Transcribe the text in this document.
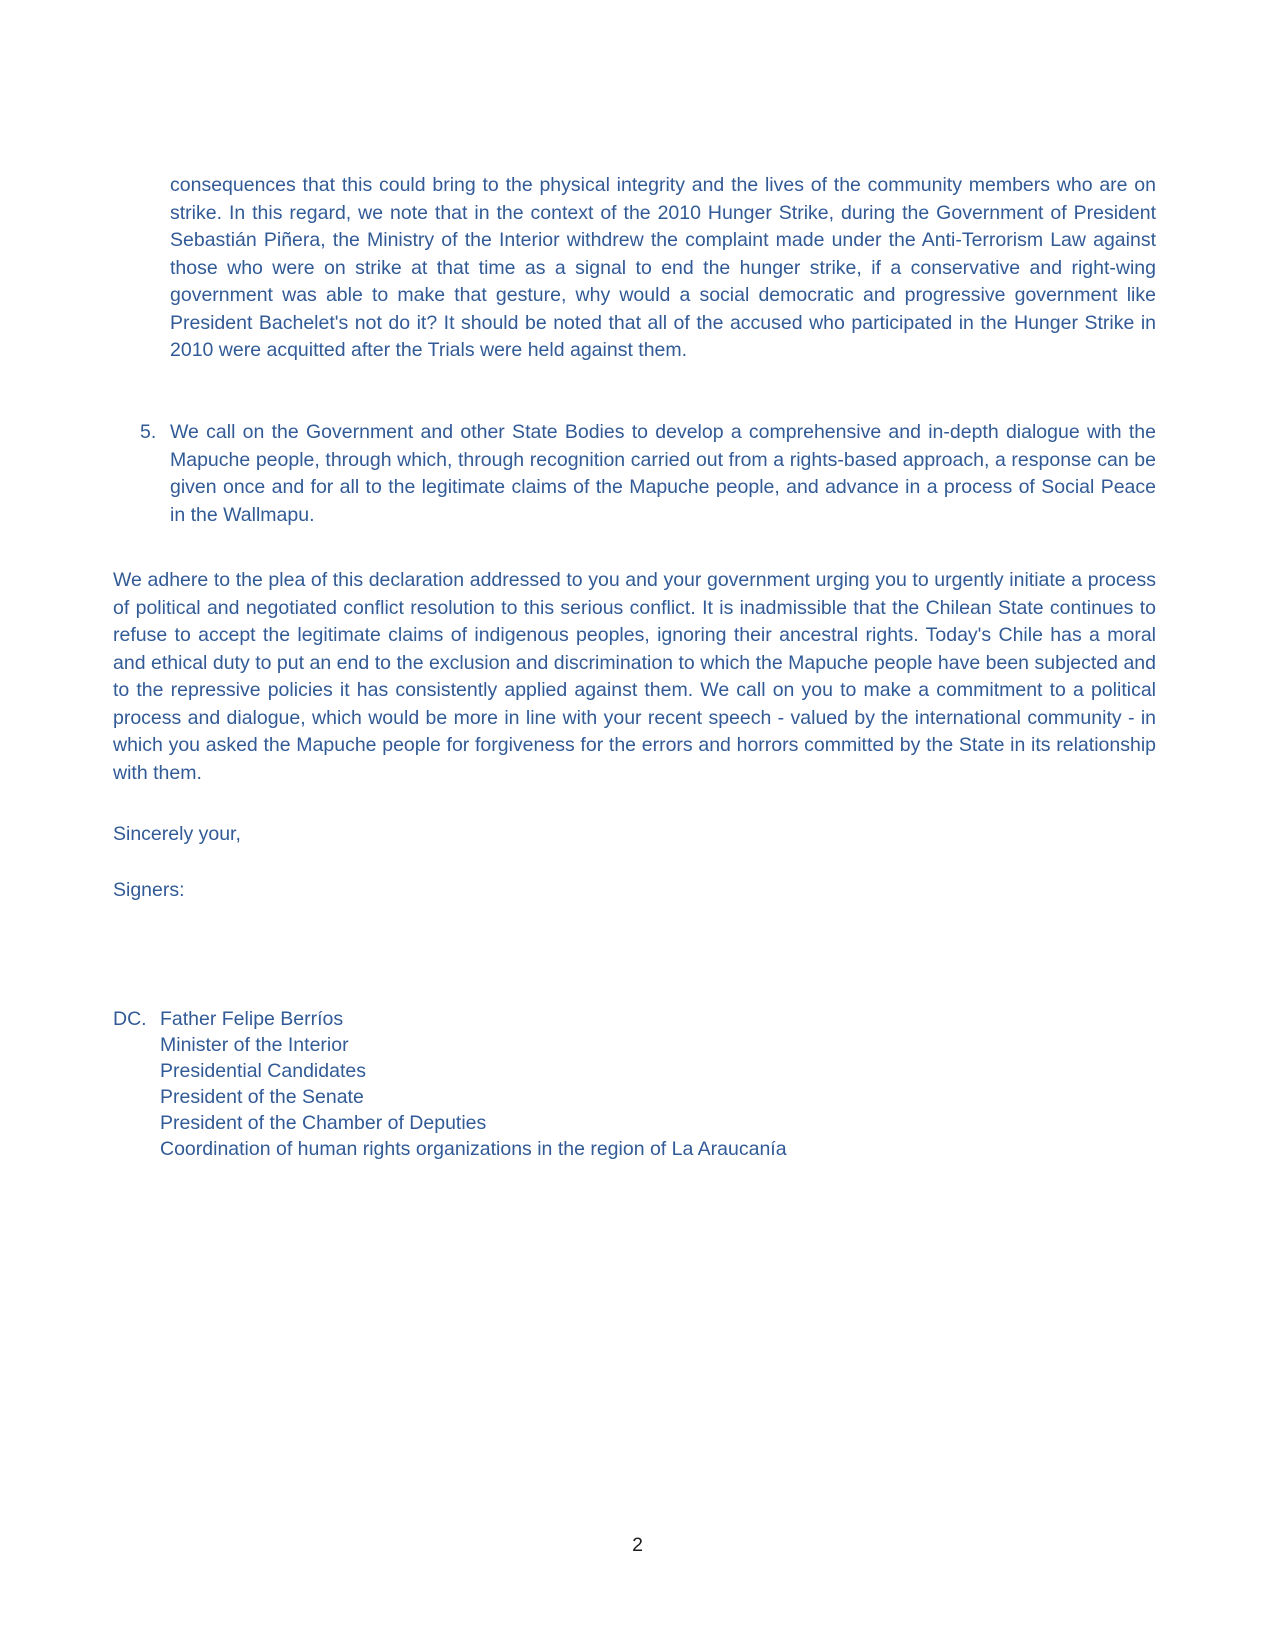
consequences that this could bring to the physical integrity and the lives of the community members who are on strike. In this regard, we note that in the context of the 2010 Hunger Strike, during the Government of President Sebastián Piñera, the Ministry of the Interior withdrew the complaint made under the Anti-Terrorism Law against those who were on strike at that time as a signal to end the hunger strike, if a conservative and right-wing government was able to make that gesture, why would a social democratic and progressive government like President Bachelet's not do it? It should be noted that all of the accused who participated in the Hunger Strike in 2010 were acquitted after the Trials were held against them.
5. We call on the Government and other State Bodies to develop a comprehensive and in-depth dialogue with the Mapuche people, through which, through recognition carried out from a rights-based approach, a response can be given once and for all to the legitimate claims of the Mapuche people, and advance in a process of Social Peace in the Wallmapu.
We adhere to the plea of this declaration addressed to you and your government urging you to urgently initiate a process of political and negotiated conflict resolution to this serious conflict. It is inadmissible that the Chilean State continues to refuse to accept the legitimate claims of indigenous peoples, ignoring their ancestral rights. Today's Chile has a moral and ethical duty to put an end to the exclusion and discrimination to which the Mapuche people have been subjected and to the repressive policies it has consistently applied against them. We call on you to make a commitment to a political process and dialogue, which would be more in line with your recent speech - valued by the international community - in which you asked the Mapuche people for forgiveness for the errors and horrors committed by the State in its relationship with them.
Sincerely your,
Signers:
DC. Father Felipe Berríos
Minister of the Interior
Presidential Candidates
President of the Senate
President of the Chamber of Deputies
Coordination of human rights organizations in the region of La Araucanía
2
